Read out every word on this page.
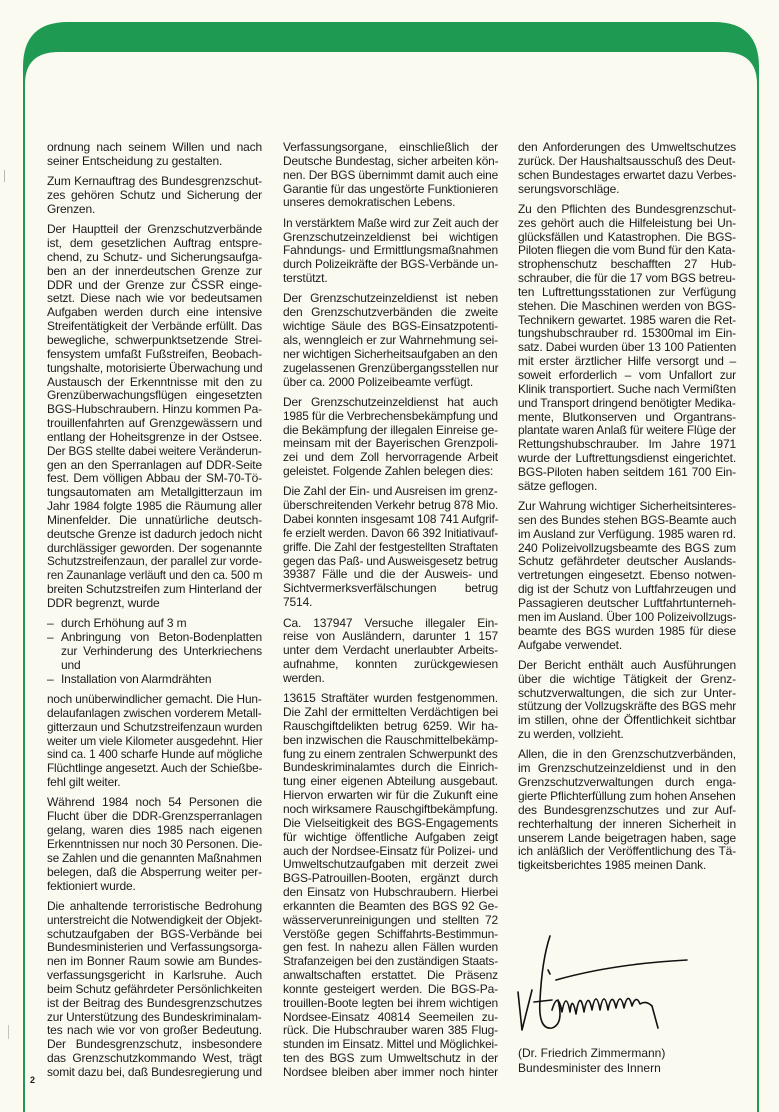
ordnung nach seinem Willen und nach
seiner Entscheidung zu gestalten.
Zum Kernauftrag des Bundesgrenzschut-
zes gehören Schutz und Sicherung der
Grenzen.
Der Hauptteil der Grenzschutzverbände
ist, dem gesetzlichen Auftrag entspre-
chend, zu Schutz- und Sicherungsaufga-
ben an der innerdeutschen Grenze zur
DDR und der Grenze zur ČSSR einge-
setzt. Diese nach wie vor bedeutsamen
Aufgaben werden durch eine intensive
Streifentätigkeit der Verbände erfüllt. Das
bewegliche, schwerpunktsetzende Strei-
fensystem umfaßt Fußstreifen, Beobach-
tungshalte, motorisierte Überwachung und
Austausch der Erkenntnisse mit den zu
Grenzüberwachungsflügen eingesetzten
BGS-Hubschraubern. Hinzu kommen Pa-
trouillenfahrten auf Grenzgewässern und
entlang der Hoheitsgrenze in der Ostsee.
Der BGS stellte dabei weitere Veränderun-
gen an den Sperranlagen auf DDR-Seite
fest. Dem völligen Abbau der SM-70-Tö-
tungsautomaten am Metallgitterzaun im
Jahr 1984 folgte 1985 die Räumung aller
Minenfelder. Die unnatürliche deutsch-
deutsche Grenze ist dadurch jedoch nicht
durchlässiger geworden. Der sogenannte
Schutzstreifenzaun, der parallel zur vorde-
ren Zaunanlage verläuft und den ca. 500 m
breiten Schutzstreifen zum Hinterland der
DDR begrenzt, wurde
– durch Erhöhung auf 3 m
– Anbringung von Beton-Bodenplatten
zur Verhinderung des Unterkriechens
und
– Installation von Alarmdrähten
noch unüberwindlicher gemacht. Die Hun-
delaufanlagen zwischen vorderem Metall-
gitterzaun und Schutzstreifenzaun wurden
weiter um viele Kilometer ausgedehnt. Hier
sind ca. 1 400 scharfe Hunde auf mögliche
Flüchtlinge angesetzt. Auch der Schießbe-
fehl gilt weiter.
Während 1984 noch 54 Personen die
Flucht über die DDR-Grenzsperranlagen
gelang, waren dies 1985 nach eigenen
Erkenntnissen nur noch 30 Personen. Die-
se Zahlen und die genannten Maßnahmen
belegen, daß die Absperrung weiter per-
fektioniert wurde.
Die anhaltende terroristische Bedrohung
unterstreicht die Notwendigkeit der Objekt-
schutzaufgaben der BGS-Verbände bei
Bundesministerien und Verfassungsorga-
nen im Bonner Raum sowie am Bundes-
verfassungsgericht in Karlsruhe. Auch
beim Schutz gefährdeter Persönlichkeiten
ist der Beitrag des Bundesgrenzschutzes
zur Unterstützung des Bundeskriminalam-
tes nach wie vor von großer Bedeutung.
Der Bundesgrenzschutz, insbesondere
das Grenzschutzkommando West, trägt
somit dazu bei, daß Bundesregierung und
Verfassungsorgane, einschließlich der
Deutsche Bundestag, sicher arbeiten kön-
nen. Der BGS übernimmt damit auch eine
Garantie für das ungestörte Funktionieren
unseres demokratischen Lebens.
In verstärktem Maße wird zur Zeit auch der
Grenzschutzeinzeldienst bei wichtigen
Fahndungs- und Ermittlungsmaßnahmen
durch Polizeikräfte der BGS-Verbände un-
terstützt.
Der Grenzschutzeinzeldienst ist neben
den Grenzschutzverbänden die zweite
wichtige Säule des BGS-Einsatzpotenti-
als, wenngleich er zur Wahrnehmung sei-
ner wichtigen Sicherheitsaufgaben an den
zugelassenen Grenzübergangsstellen nur
über ca. 2000 Polizeibeamte verfügt.
Der Grenzschutzeinzeldienst hat auch
1985 für die Verbrechensbekämpfung und
die Bekämpfung der illegalen Einreise ge-
meinsam mit der Bayerischen Grenzpoli-
zei und dem Zoll hervorragende Arbeit
geleistet. Folgende Zahlen belegen dies:
Die Zahl der Ein- und Ausreisen im grenz-
überschreitenden Verkehr betrug 878 Mio.
Dabei konnten insgesamt 108 741 Aufgrif-
fe erzielt werden. Davon 66 392 Initiativauf-
griffe. Die Zahl der festgestellten Straftaten
gegen das Paß- und Ausweisgesetz betrug
39387 Fälle und die der Ausweis- und
Sichtvermerksverfälschungen betrug
7514.
Ca. 137947 Versuche illegaler Ein-
reise von Ausländern, darunter 1 157
unter dem Verdacht unerlaubter Arbeits-
aufnahme, konnten zurückgewiesen
werden.
13615 Straftäter wurden festgenommen.
Die Zahl der ermittelten Verdächtigen bei
Rauschgiftdelikten betrug 6259. Wir ha-
ben inzwischen die Rauschmittelbekämp-
fung zu einem zentralen Schwerpunkt des
Bundeskriminalamtes durch die Einrich-
tung einer eigenen Abteilung ausgebaut.
Hiervon erwarten wir für die Zukunft eine
noch wirksamere Rauschgiftbekämpfung.
Die Vielseitigkeit des BGS-Engagements
für wichtige öffentliche Aufgaben zeigt
auch der Nordsee-Einsatz für Polizei- und
Umweltschutzaufgaben mit derzeit zwei
BGS-Patrouillen-Booten, ergänzt durch
den Einsatz von Hubschraubern. Hierbei
erkannten die Beamten des BGS 92 Ge-
wässerverunreinigungen und stellten 72
Verstöße gegen Schiffahrts-Bestimmun-
gen fest. In nahezu allen Fällen wurden
Strafanzeigen bei den zuständigen Staats-
anwaltschaften erstattet. Die Präsenz
konnte gesteigert werden. Die BGS-Pa-
trouillen-Boote legten bei ihrem wichtigen
Nordsee-Einsatz 40814 Seemeilen zu-
rück. Die Hubschrauber waren 385 Flug-
stunden im Einsatz. Mittel und Möglichkei-
ten des BGS zum Umweltschutz in der
Nordsee bleiben aber immer noch hinter
den Anforderungen des Umweltschutzes
zurück. Der Haushaltsausschuß des Deut-
schen Bundestages erwartet dazu Verbes-
serungsvorschläge.
Zu den Pflichten des Bundesgrenzschut-
zes gehört auch die Hilfeleistung bei Un-
glücksfällen und Katastrophen. Die BGS-
Piloten fliegen die vom Bund für den Kata-
strophenschutz beschafften 27 Hub-
schrauber, die für die 17 vom BGS betreu-
ten Luftrettungsstationen zur Verfügung
stehen. Die Maschinen werden von BGS-
Technikern gewartet. 1985 waren die Ret-
tungshubschrauber rd. 15300mal im Ein-
satz. Dabei wurden über 13 100 Patienten
mit erster ärztlicher Hilfe versorgt und –
soweit erforderlich – vom Unfallort zur
Klinik transportiert. Suche nach Vermißten
und Transport dringend benötigter Medika-
mente, Blutkonserven und Organtrans-
plantate waren Anlaß für weitere Flüge der
Rettungshubschrauber. Im Jahre 1971
wurde der Luftrettungsdienst eingerichtet.
BGS-Piloten haben seitdem 161 700 Ein-
sätze geflogen.
Zur Wahrung wichtiger Sicherheitsinteres-
sen des Bundes stehen BGS-Beamte auch
im Ausland zur Verfügung. 1985 waren rd.
240 Polizeivollzugsbeamte des BGS zum
Schutz gefährdeter deutscher Auslands-
vertretungen eingesetzt. Ebenso notwen-
dig ist der Schutz von Luftfahrzeugen und
Passagieren deutscher Luftfahrtunterneh-
men im Ausland. Über 100 Polizeivollzugs-
beamte des BGS wurden 1985 für diese
Aufgabe verwendet.
Der Bericht enthält auch Ausführungen
über die wichtige Tätigkeit der Grenz-
schutzverwaltungen, die sich zur Unter-
stützung der Vollzugskräfte des BGS mehr
im stillen, ohne der Öffentlichkeit sichtbar
zu werden, vollzieht.
Allen, die in den Grenzschutzverbänden,
im Grenzschutzeinzeldienst und in den
Grenzschutzverwaltungen durch enga-
gierte Pflichterfüllung zum hohen Ansehen
des Bundesgrenzschutzes und zur Auf-
rechterhaltung der inneren Sicherheit in
unserem Lande beigetragen haben, sage
ich anläßlich der Veröffentlichung des Tä-
tigkeitsberichtes 1985 meinen Dank.
2
(Dr. Friedrich Zimmermann)
Bundesminister des Innern
